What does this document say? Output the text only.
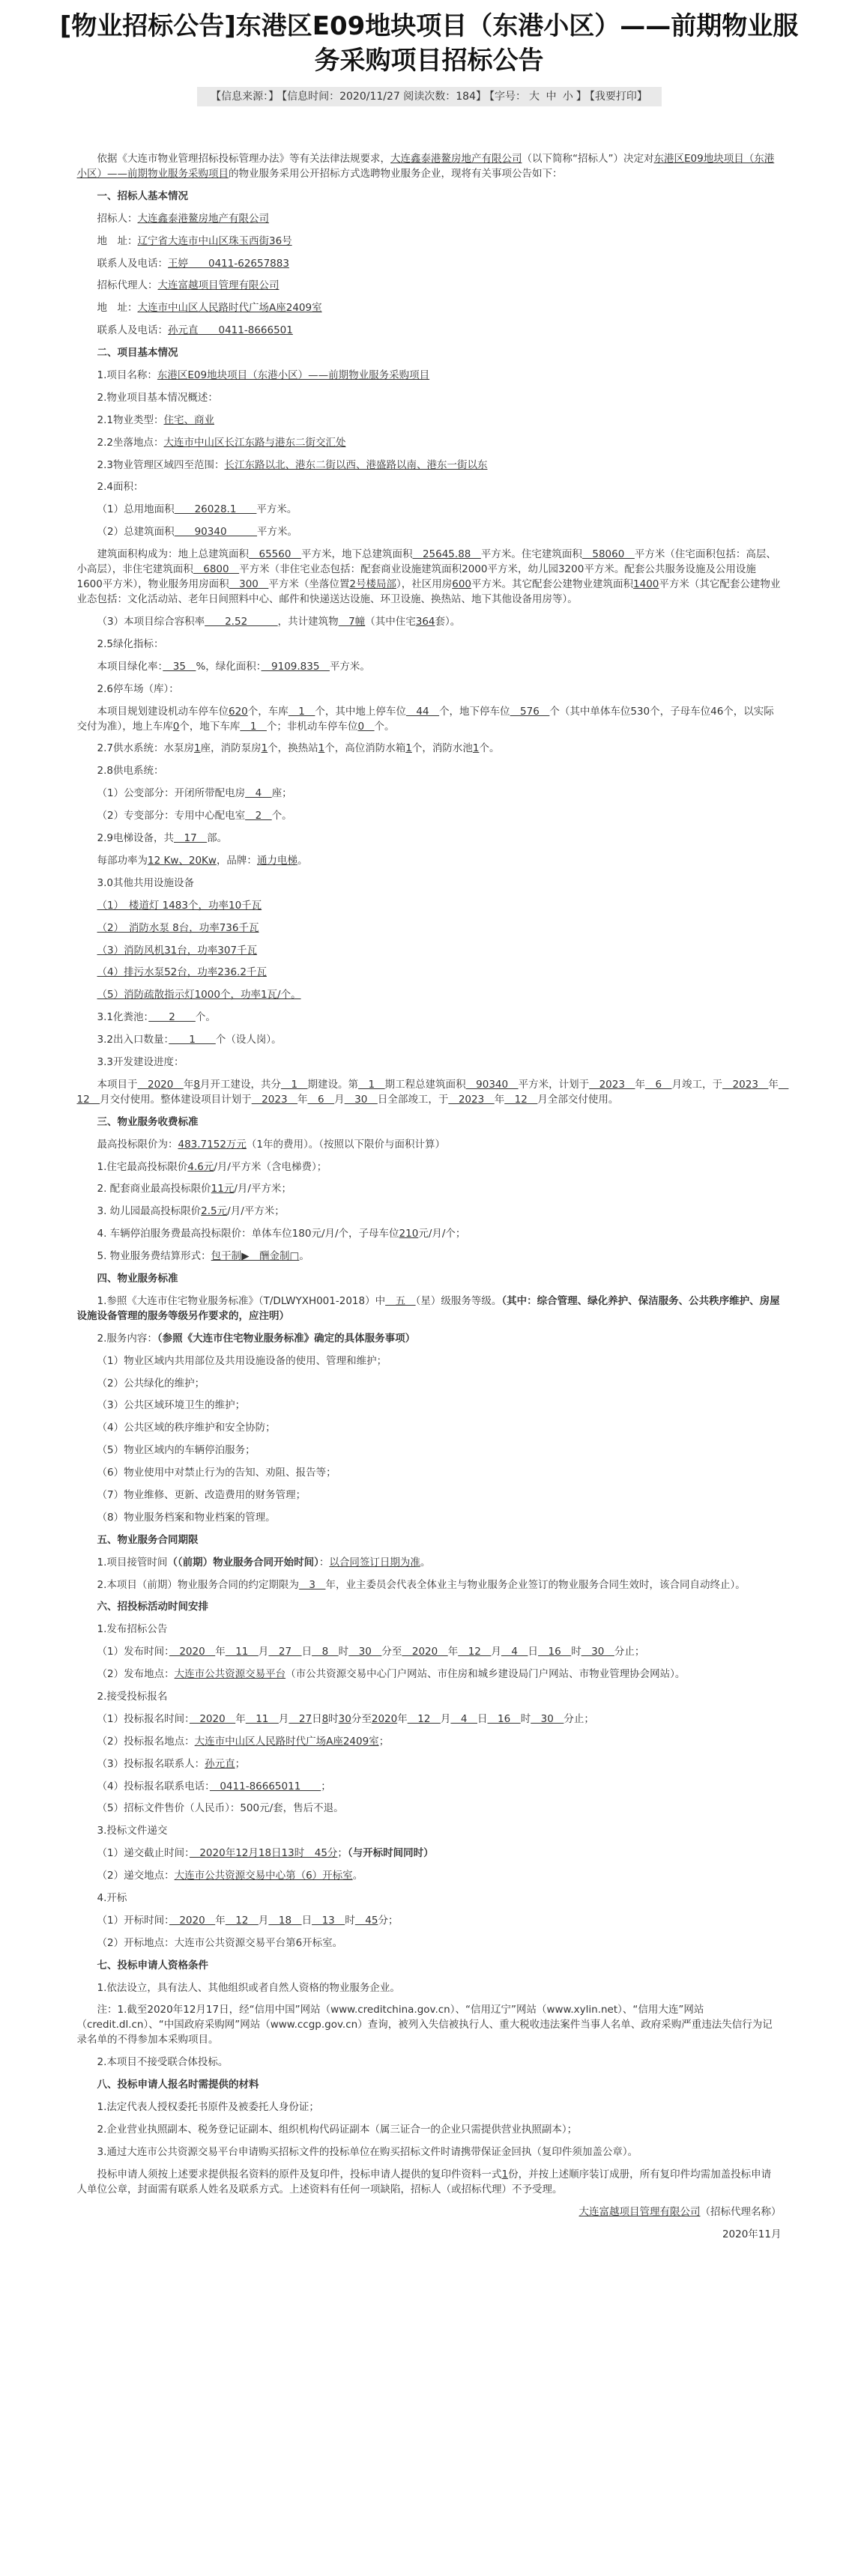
[物业招标公告]东港区E09地块项目（东港小区）——前期物业服务采购项目招标公告
【信息来源：】 【信息时间：2020/11/27 阅读次数：184】 【字号： 大 中 小 】 【我要打印】

依据《大连市物业管理招标投标管理办法》等有关法律法规要求，大连鑫泰港鳌房地产有限公司（以下简称“招标人”）决定对东港区E09地块项目（东港小区）——前期物业服务采购项目的物业服务采用公开招标方式选聘物业服务企业，现将有关事项公告如下：

一、招标人基本情况

招标人：大连鑫泰港鳌房地产有限公司

地　址：辽宁省大连市中山区珠玉西街36号

联系人及电话：王婷　　0411-62657883

招标代理人：大连富越项目管理有限公司

地　址：大连市中山区人民路时代广场A座2409室

联系人及电话：孙元直　　0411-8666501

二、项目基本情况

1.项目名称：东港区E09地块项目（东港小区）——前期物业服务采购项目

2.物业项目基本情况概述：

2.1物业类型：住宅、商业

2.2坐落地点：大连市中山区长江东路与港东二街交汇处

2.3物业管理区域四至范围：长江东路以北、港东二街以西、港盛路以南、港东一街以东

2.4面积：

（1）总用地面积　　26028.1　　平方米。

（2）总建筑面积　　90340　　　平方米。

建筑面积构成为：地上总建筑面积　65560　平方米，地下总建筑面积　25645.88　平方米。住宅建筑面积　58060　平方米（住宅面积包括：高层、小高层），非住宅建筑面积　6800　平方米（非住宅业态包括：配套商业设施建筑面积2000平方米，幼儿园3200平方米。配套公共服务设施及公用设施1600平方米），物业服务用房面积　300　平方米（坐落位置2号楼局部），社区用房600平方米。其它配套公建物业建筑面积1400平方米（其它配套公建物业业态包括：文化活动站、老年日间照料中心、邮件和快递送达设施、环卫设施、换热站、地下其他设备用房等）。

（3）本项目综合容积率　　2.52　　　，共计建筑物　7幢（其中住宅364套）。

2.5绿化指标：

本项目绿化率：　35　%，绿化面积：　9109.835　平方米。

2.6停车场（库）：

本项目规划建设机动车停车位620个，车库　1　个，其中地上停车位　44　个，地下停车位　576　个（其中单体车位530个，子母车位46个，以实际交付为准），地上车库0个，地下车库　1　个；非机动车停车位0　个。

2.7供水系统：水泵房1座，消防泵房1个，换热站1个，高位消防水箱1个，消防水池1个。

2.8供电系统：

（1）公变部分：开闭所带配电房　4　座；

（2）专变部分：专用中心配电室　2　个。

2.9电梯设备，共　17　部。

每部功率为12 Kw、20Kw，品牌：通力电梯。

3.0其他共用设施设备

（1）　楼道灯 1483个，功率10千瓦

（2）　消防水泵 8台，功率736千瓦

（3）消防风机31台，功率307千瓦

（4）排污水泵52台，功率236.2千瓦

（5）消防疏散指示灯1000个，功率1瓦/个。

3.1化粪池：　　2　　个。

3.2出入口数量：　　1　　个（设人岗）。

3.3开发建设进度：

本项目于　2020　年8月开工建设，共分　1　期建设。第　1　期工程总建筑面积　90340　平方米，计划于　2023　年　6　月竣工，于　2023　年　12　月交付使用。整体建设项目计划于　2023　年　6　月　30　日全部竣工，于　2023　年　12　月全部交付使用。

三、物业服务收费标准

最高投标限价为：483.7152万元（1年的费用）。（按照以下限价与面积计算）

1.住宅最高投标限价4.6元/月/平方米（含电梯费）；

2. 配套商业最高投标限价11元/月/平方米；

3. 幼儿园最高投标限价2.5元/月/平方米；

4. 车辆停泊服务费最高投标限价：单体车位180元/月/个，子母车位210元/月/个；

5. 物业服务费结算形式：包干制▶　酬金制□。

四、物业服务标准

1.参照《大连市住宅物业服务标准》（T/DLWYXH001-2018）中　五　（星）级服务等级。（其中：综合管理、绿化养护、保洁服务、公共秩序维护、房屋设施设备管理的服务等级另作要求的，应注明）

2.服务内容：（参照《大连市住宅物业服务标准》确定的具体服务事项）

（1）物业区域内共用部位及共用设施设备的使用、管理和维护；

（2）公共绿化的维护；

（3）公共区域环境卫生的维护；

（4）公共区域的秩序维护和安全协防；

（5）物业区域内的车辆停泊服务；

（6）物业使用中对禁止行为的告知、劝阻、报告等；

（7）物业维修、更新、改造费用的财务管理；

（8）物业服务档案和物业档案的管理。

五、物业服务合同期限

1.项目接管时间（（前期）物业服务合同开始时间）：以合同签订日期为准。

2.本项目（前期）物业服务合同的约定期限为　3　年，业主委员会代表全体业主与物业服务企业签订的物业服务合同生效时，该合同自动终止）。

六、招投标活动时间安排

1.发布招标公告

（1）发布时间：　2020　年　11　月　27　日　8　时　30　分至　2020　年　12　月　4　日　16　时　30　分止；

（2）发布地点：大连市公共资源交易平台（市公共资源交易中心门户网站、市住房和城乡建设局门户网站、市物业管理协会网站）。

2.接受投标报名

（1）投标报名时间：　2020　年　11　月　27日8时30分至2020年　12　月　4　日　16　时　30　分止；

（2）投标报名地点：大连市中山区人民路时代广场A座2409室；

（3）投标报名联系人：孙元直；

（4）投标报名联系电话：　0411-86665011　　；

（5）招标文件售价（人民币）：500元/套，售后不退。

3.投标文件递交

（1）递交截止时间：　2020年12月18日13时　45分；（与开标时间同时）

（2）递交地点：大连市公共资源交易中心第（6）开标室。

4.开标

（1）开标时间：　2020　年　12　月　18　日　13　时　45分；

（2）开标地点：大连市公共资源交易平台第6开标室。

七、投标申请人资格条件

1.依法设立，具有法人、其他组织或者自然人资格的物业服务企业。

注：1.截至2020年12月17日，经“信用中国”网站（www.creditchina.gov.cn）、“信用辽宁”网站（www.xylin.net）、“信用大连”网站（credit.dl.cn）、“中国政府采购网”网站（www.ccgp.gov.cn）查询，被列入失信被执行人、重大税收违法案件当事人名单、政府采购严重违法失信行为记录名单的不得参加本采购项目。

2.本项目不接受联合体投标。

八、投标申请人报名时需提供的材料

1.法定代表人授权委托书原件及被委托人身份证；

2.企业营业执照副本、税务登记证副本、组织机构代码证副本（属三证合一的企业只需提供营业执照副本）；

3.通过大连市公共资源交易平台申请购买招标文件的投标单位在购买招标文件时请携带保证金回执（复印件须加盖公章）。

投标申请人须按上述要求提供报名资料的原件及复印件，投标申请人提供的复印件资料一式1份，并按上述顺序装订成册，所有复印件均需加盖投标申请人单位公章，封面需有联系人姓名及联系方式。上述资料有任何一项缺陷，招标人（或招标代理）不予受理。

大连富越项目管理有限公司（招标代理名称）

2020年11月
